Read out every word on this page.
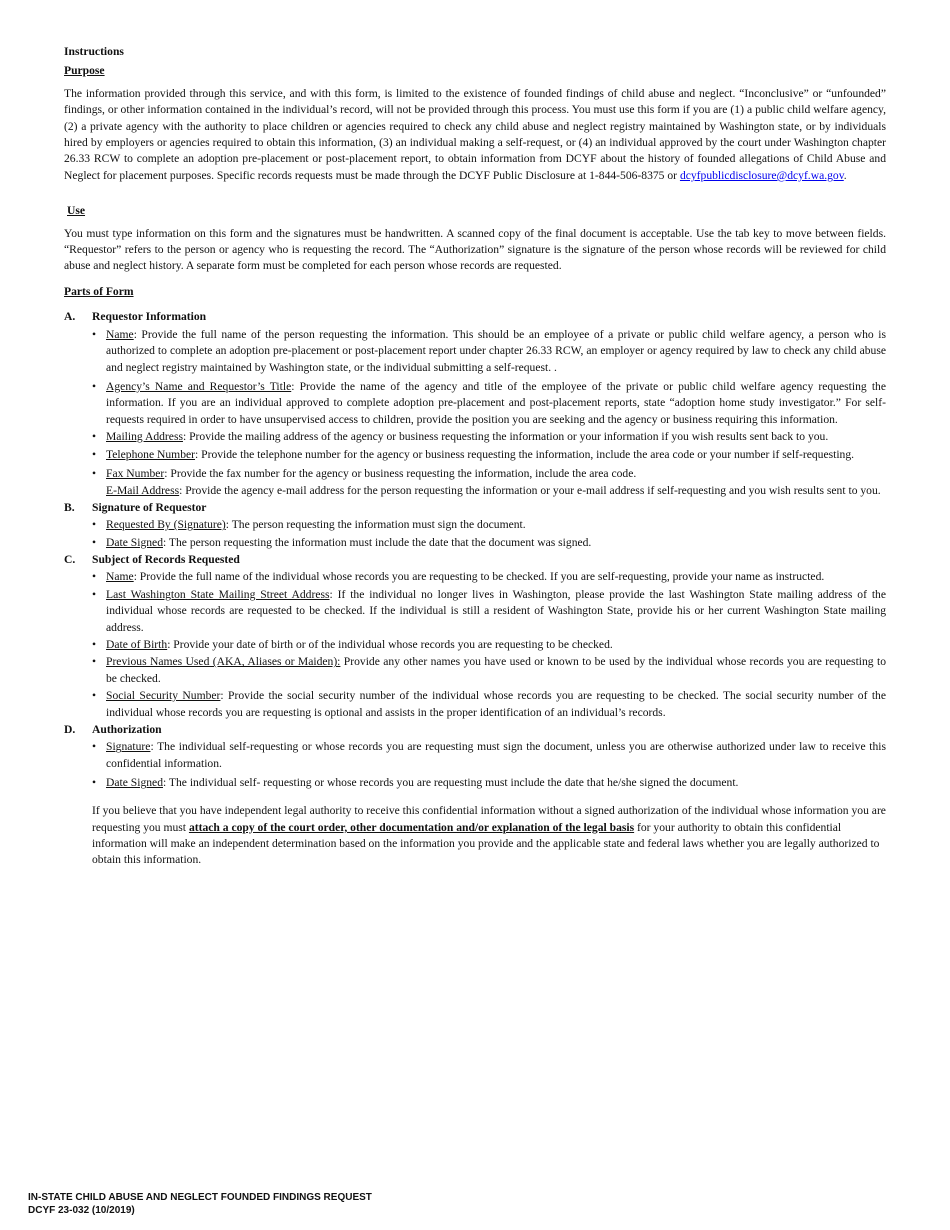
Instructions

Purpose

The information provided through this service, and with this form, is limited to the existence of founded findings of child abuse and neglect. “Inconclusive” or “unfounded” findings, or other information contained in the individual’s record, will not be provided through this process. You must use this form if you are (1) a public child welfare agency, (2) a private agency with the authority to place children or agencies required to check any child abuse and neglect registry maintained by Washington state, or by individuals hired by employers or agencies required to obtain this information, (3) an individual making a self-request, or (4) an individual approved by the court under Washington chapter 26.33 RCW to complete an adoption pre-placement or post-placement report, to obtain information from DCYF about the history of founded allegations of Child Abuse and Neglect for placement purposes. Specific records requests must be made through the DCYF Public Disclosure at 1-844-506-8375 or dcyfpublicdisclosure@dcyf.wa.gov.

Use

You must type information on this form and the signatures must be handwritten. A scanned copy of the final document is acceptable. Use the tab key to move between fields. “Requestor” refers to the person or agency who is requesting the record. The “Authorization” signature is the signature of the person whose records will be reviewed for child abuse and neglect history. A separate form must be completed for each person whose records are requested.

Parts of Form

A.	Requestor Information
• Name: Provide the full name of the person requesting the information. This should be an employee of a private or public child welfare agency, a person who is authorized to complete an adoption pre-placement or post-placement report under chapter 26.33 RCW, an employer or agency required by law to check any child abuse and neglect registry maintained by Washington state, or the individual submitting a self-request. .
• Agency’s Name and Requestor’s Title: Provide the name of the agency and title of the employee of the private or public child welfare agency requesting the information. If you are an individual approved to complete adoption pre-placement and post-placement reports, state “adoption home study investigator.” For self-requests required in order to have unsupervised access to children, provide the position you are seeking and the agency or business requiring this information.
• Mailing Address: Provide the mailing address of the agency or business requesting the information or your information if you wish results sent back to you.
• Telephone Number: Provide the telephone number for the agency or business requesting the information, include the area code or your number if self-requesting.
• Fax Number: Provide the fax number for the agency or business requesting the information, include the area code.

E-Mail Address: Provide the agency e-mail address for the person requesting the information or your e-mail address if self-requesting and you wish results sent to you.

B.	Signature of Requestor
• Requested By (Signature): The person requesting the information must sign the document.
• Date Signed: The person requesting the information must include the date that the document was signed.
C.	Subject of Records Requested
• Name: Provide the full name of the individual whose records you are requesting to be checked. If you are self-requesting, provide your name as instructed.
• Last Washington State Mailing Street Address: If the individual no longer lives in Washington, please provide the last Washington State mailing address of the individual whose records are requested to be checked. If the individual is still a resident of Washington State, provide his or her current Washington State mailing address.
• Date of Birth: Provide your date of birth or of the individual whose records you are requesting to be checked.
• Previous Names Used (AKA, Aliases or Maiden): Provide any other names you have used or known to be used by the individual whose records you are requesting to be checked.
• Social Security Number: Provide the social security number of the individual whose records you are requesting to be checked. The social security number of the individual whose records you are requesting is optional and assists in the proper identification of an individual’s records.
D.	Authorization
• Signature: The individual self-requesting or whose records you are requesting must sign the document, unless you are otherwise authorized under law to receive this confidential information.
• Date Signed: The individual self- requesting or whose records you are requesting must include the date that he/she signed the document.

If you believe that you have independent legal authority to receive this confidential information without a signed authorization of the individual whose information you are requesting you must attach a copy of the court order, other documentation and/or explanation of the legal basis for your authority to obtain this confidential information will make an independent determination based on the information you provide and the applicable state and federal laws whether you are legally authorized to obtain this information.

IN-STATE CHILD ABUSE AND NEGLECT FOUNDED FINDINGS REQUEST
DCYF 23-032 (10/2019)
